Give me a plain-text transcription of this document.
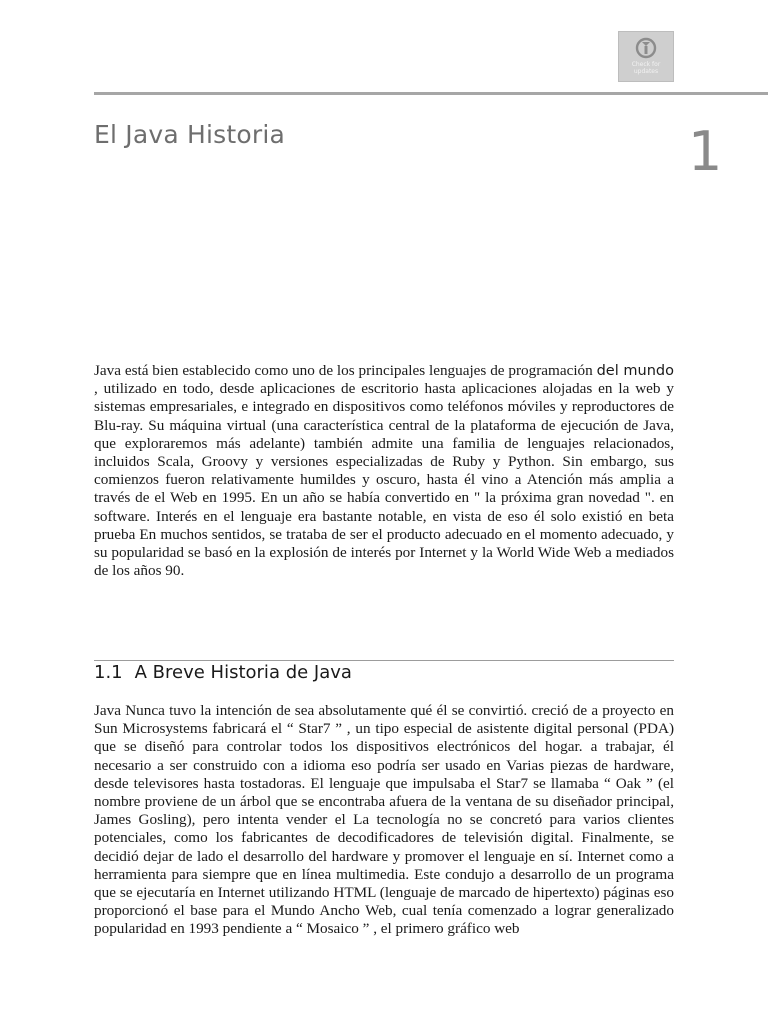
Check for updates
El Java Historia	1

Java está bien establecido como uno de los principales lenguajes de programación del mundo , utilizado en todo, desde aplicaciones de escritorio hasta aplicaciones alojadas en la web y sistemas empresariales, e integrado en dispositivos como teléfonos móviles y reproductores de Blu-ray. Su máquina virtual (una característica central de la plataforma de ejecución de Java, que exploraremos más adelante) también admite una familia de lenguajes relacionados, incluidos Scala, Groovy y versiones especializadas de Ruby y Python. Sin embargo, sus comienzos fueron relativamente humildes y oscuro, hasta él vino a Atención más amplia a través de el Web en 1995. En un año se había convertido en " la próxima gran novedad ". en software. Interés en el lenguaje era bastante notable, en vista de eso él solo existió en beta prueba En muchos sentidos, se trataba de ser el producto adecuado en el momento adecuado, y su popularidad se basó en la explosión de interés por Internet y la World Wide Web a mediados de los años 90.

1.1 A Breve Historia de Java

Java Nunca tuvo la intención de sea absolutamente qué él se convirtió. creció de a proyecto en Sun Microsystems fabricará el “ Star7 ” , un tipo especial de asistente digital personal (PDA) que se diseñó para controlar todos los dispositivos electrónicos del hogar. a trabajar, él necesario a ser construido con a idioma eso podría ser usado en Varias piezas de hardware, desde televisores hasta tostadoras. El lenguaje que impulsaba el Star7 se llamaba “ Oak ” (el nombre proviene de un árbol que se encontraba afuera de la ventana de su diseñador principal, James Gosling), pero intenta vender el La tecnología no se concretó para varios clientes potenciales, como los fabricantes de decodificadores de televisión digital. Finalmente, se decidió dejar de lado el desarrollo del hardware y promover el lenguaje en sí. Internet como a herramienta para siempre que en línea multimedia. Este condujo a desarrollo de un programa que se ejecutaría en Internet utilizando HTML (lenguaje de marcado de hipertexto) páginas eso proporcionó el base para el Mundo Ancho Web, cual tenía comenzado a lograr generalizado popularidad en 1993 pendiente a “ Mosaico ” , el primero gráfico web
